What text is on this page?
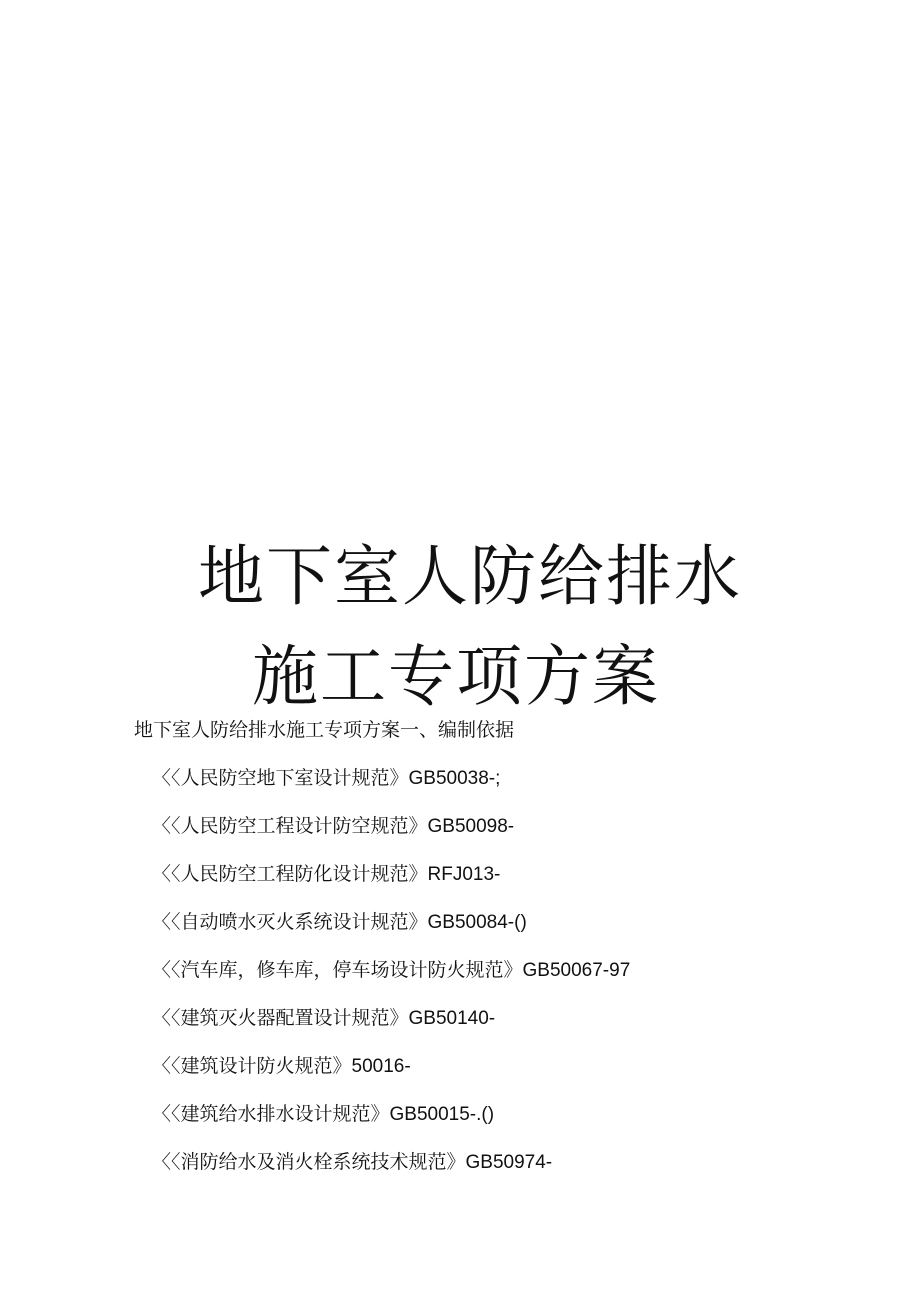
地下室人防给排水
施工专项方案
地下室人防给排水施工专项方案一、编制依据
〈〈人民防空地下室设计规范》GB50038-;
〈〈人民防空工程设计防空规范》GB50098-
〈〈人民防空工程防化设计规范》RFJ013-
〈〈自动喷水灭火系统设计规范》GB50084-()
〈〈汽车库，修车库，停车场设计防火规范》GB50067-97
〈〈建筑灭火器配置设计规范》GB50140-
〈〈建筑设计防火规范》50016-
〈〈建筑给水排水设计规范》GB50015-.()
〈〈消防给水及消火栓系统技术规范》GB50974-
